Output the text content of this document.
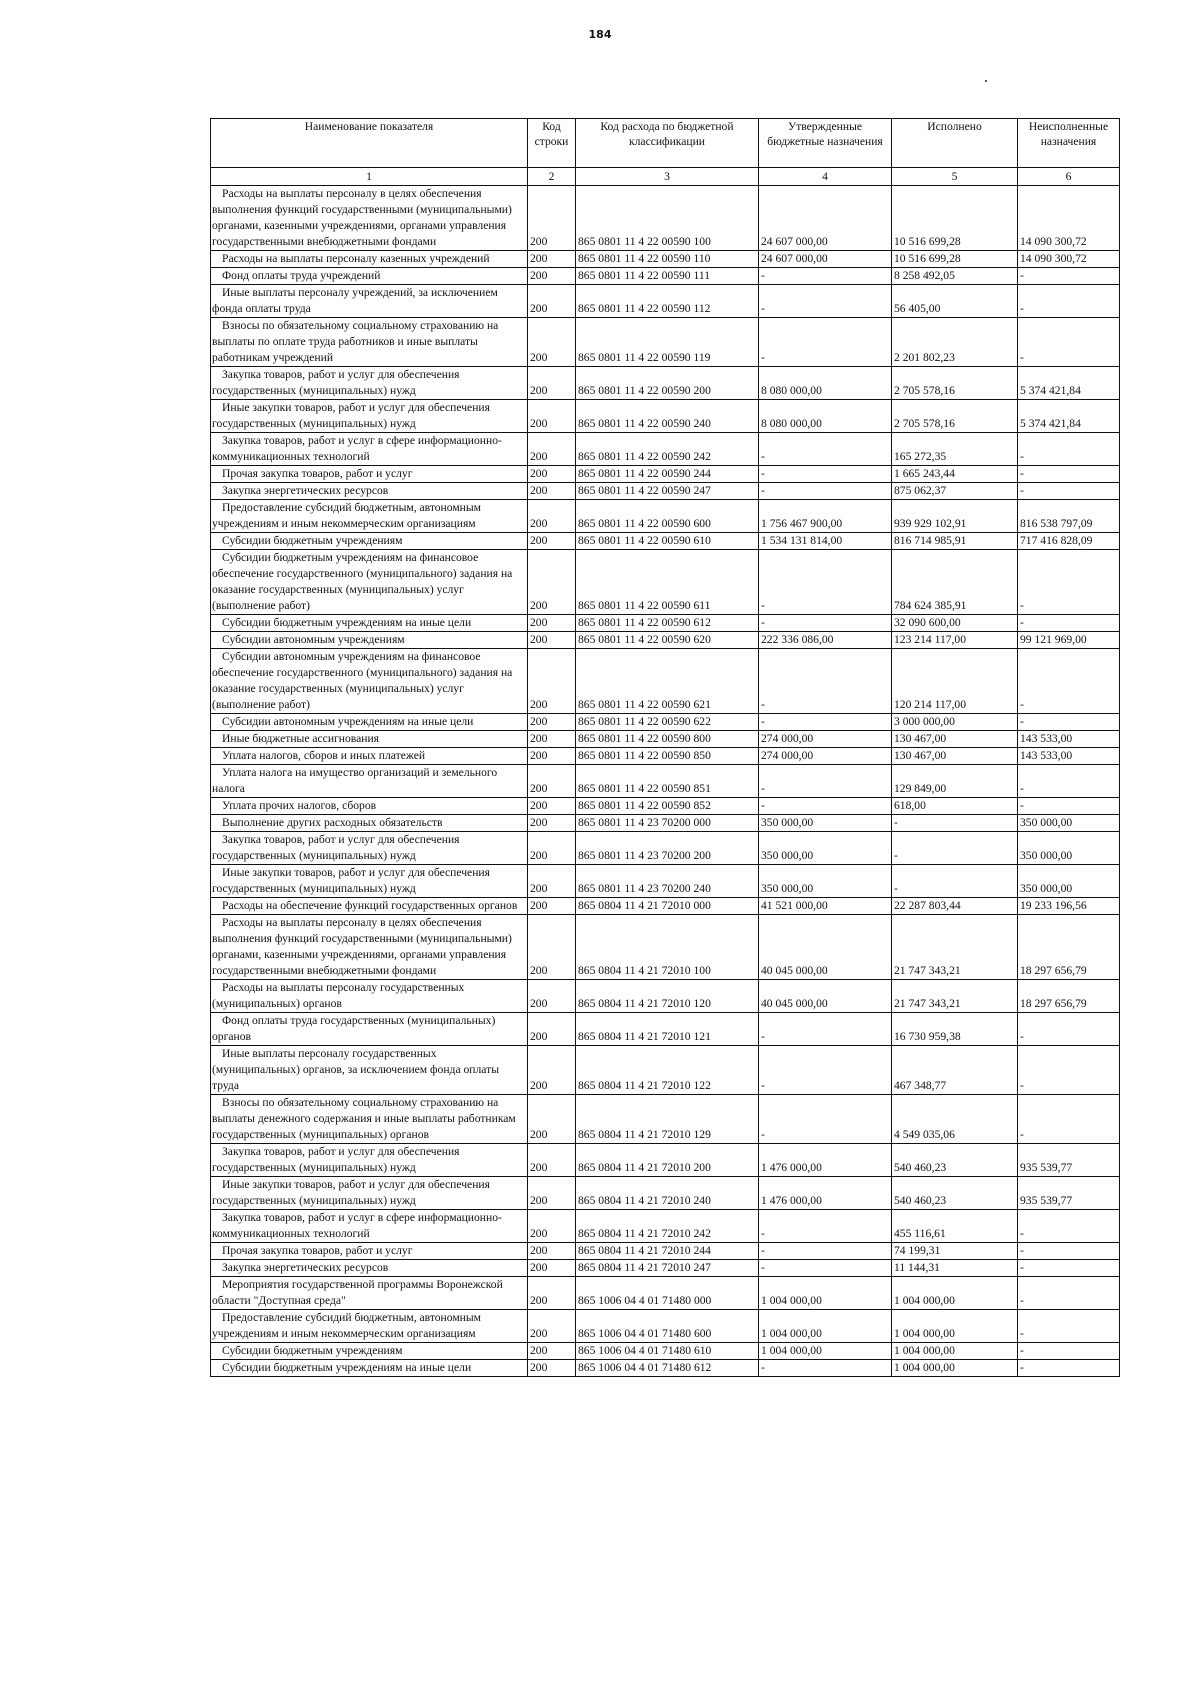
184
Наименование показателя	Код строки	Код расхода по бюджетной классификации	Утвержденные бюджетные назначения	Исполнено	Неисполненные назначения
1	2	3	4	5	6
Расходы на выплаты персоналу в целях обеспечения выполнения функций государственными (муниципальными) органами, казенными учреждениями, органами управления государственными внебюджетными фондами	200	865 0801 11 4 22 00590 100	24 607 000,00	10 516 699,28	14 090 300,72
Расходы на выплаты персоналу казенных учреждений	200	865 0801 11 4 22 00590 110	24 607 000,00	10 516 699,28	14 090 300,72
Фонд оплаты труда учреждений	200	865 0801 11 4 22 00590 111	-	8 258 492,05	-
Иные выплаты персоналу учреждений, за исключением фонда оплаты труда	200	865 0801 11 4 22 00590 112	-	56 405,00	-
Взносы по обязательному социальному страхованию на выплаты по оплате труда работников и иные выплаты работникам учреждений	200	865 0801 11 4 22 00590 119	-	2 201 802,23	-
Закупка товаров, работ и услуг для обеспечения государственных (муниципальных) нужд	200	865 0801 11 4 22 00590 200	8 080 000,00	2 705 578,16	5 374 421,84
Иные закупки товаров, работ и услуг для обеспечения государственных (муниципальных) нужд	200	865 0801 11 4 22 00590 240	8 080 000,00	2 705 578,16	5 374 421,84
Закупка товаров, работ и услуг в сфере информационно-коммуникационных технологий	200	865 0801 11 4 22 00590 242	-	165 272,35	-
Прочая закупка товаров, работ и услуг	200	865 0801 11 4 22 00590 244	-	1 665 243,44	-
Закупка энергетических ресурсов	200	865 0801 11 4 22 00590 247	-	875 062,37	-
Предоставление субсидий бюджетным, автономным учреждениям и иным некоммерческим организациям	200	865 0801 11 4 22 00590 600	1 756 467 900,00	939 929 102,91	816 538 797,09
Субсидии бюджетным учреждениям	200	865 0801 11 4 22 00590 610	1 534 131 814,00	816 714 985,91	717 416 828,09
Субсидии бюджетным учреждениям на финансовое обеспечение государственного (муниципального) задания на оказание государственных (муниципальных) услуг (выполнение работ)	200	865 0801 11 4 22 00590 611	-	784 624 385,91	-
Субсидии бюджетным учреждениям на иные цели	200	865 0801 11 4 22 00590 612	-	32 090 600,00	-
Субсидии автономным учреждениям	200	865 0801 11 4 22 00590 620	222 336 086,00	123 214 117,00	99 121 969,00
Субсидии автономным учреждениям на финансовое обеспечение государственного (муниципального) задания на оказание государственных (муниципальных) услуг (выполнение работ)	200	865 0801 11 4 22 00590 621	-	120 214 117,00	-
Субсидии автономным учреждениям на иные цели	200	865 0801 11 4 22 00590 622	-	3 000 000,00	-
Иные бюджетные ассигнования	200	865 0801 11 4 22 00590 800	274 000,00	130 467,00	143 533,00
Уплата налогов, сборов и иных платежей	200	865 0801 11 4 22 00590 850	274 000,00	130 467,00	143 533,00
Уплата налога на имущество организаций и земельного налога	200	865 0801 11 4 22 00590 851	-	129 849,00	-
Уплата прочих налогов, сборов	200	865 0801 11 4 22 00590 852	-	618,00	-
Выполнение других расходных обязательств	200	865 0801 11 4 23 70200 000	350 000,00	-	350 000,00
Закупка товаров, работ и услуг для обеспечения государственных (муниципальных) нужд	200	865 0801 11 4 23 70200 200	350 000,00	-	350 000,00
Иные закупки товаров, работ и услуг для обеспечения государственных (муниципальных) нужд	200	865 0801 11 4 23 70200 240	350 000,00	-	350 000,00
Расходы на обеспечение функций государственных органов	200	865 0804 11 4 21 72010 000	41 521 000,00	22 287 803,44	19 233 196,56
Расходы на выплаты персоналу в целях обеспечения выполнения функций государственными (муниципальными) органами, казенными учреждениями, органами управления государственными внебюджетными фондами	200	865 0804 11 4 21 72010 100	40 045 000,00	21 747 343,21	18 297 656,79
Расходы на выплаты персоналу государственных (муниципальных) органов	200	865 0804 11 4 21 72010 120	40 045 000,00	21 747 343,21	18 297 656,79
Фонд оплаты труда государственных (муниципальных) органов	200	865 0804 11 4 21 72010 121	-	16 730 959,38	-
Иные выплаты персоналу государственных (муниципальных) органов, за исключением фонда оплаты труда	200	865 0804 11 4 21 72010 122	-	467 348,77	-
Взносы по обязательному социальному страхованию на выплаты денежного содержания и иные выплаты работникам государственных (муниципальных) органов	200	865 0804 11 4 21 72010 129	-	4 549 035,06	-
Закупка товаров, работ и услуг для обеспечения государственных (муниципальных) нужд	200	865 0804 11 4 21 72010 200	1 476 000,00	540 460,23	935 539,77
Иные закупки товаров, работ и услуг для обеспечения государственных (муниципальных) нужд	200	865 0804 11 4 21 72010 240	1 476 000,00	540 460,23	935 539,77
Закупка товаров, работ и услуг в сфере информационно-коммуникационных технологий	200	865 0804 11 4 21 72010 242	-	455 116,61	-
Прочая закупка товаров, работ и услуг	200	865 0804 11 4 21 72010 244	-	74 199,31	-
Закупка энергетических ресурсов	200	865 0804 11 4 21 72010 247	-	11 144,31	-
Мероприятия государственной программы Воронежской области "Доступная среда"	200	865 1006 04 4 01 71480 000	1 004 000,00	1 004 000,00	-
Предоставление субсидий бюджетным, автономным учреждениям и иным некоммерческим организациям	200	865 1006 04 4 01 71480 600	1 004 000,00	1 004 000,00	-
Субсидии бюджетным учреждениям	200	865 1006 04 4 01 71480 610	1 004 000,00	1 004 000,00	-
Субсидии бюджетным учреждениям на иные цели	200	865 1006 04 4 01 71480 612	-	1 004 000,00	-
